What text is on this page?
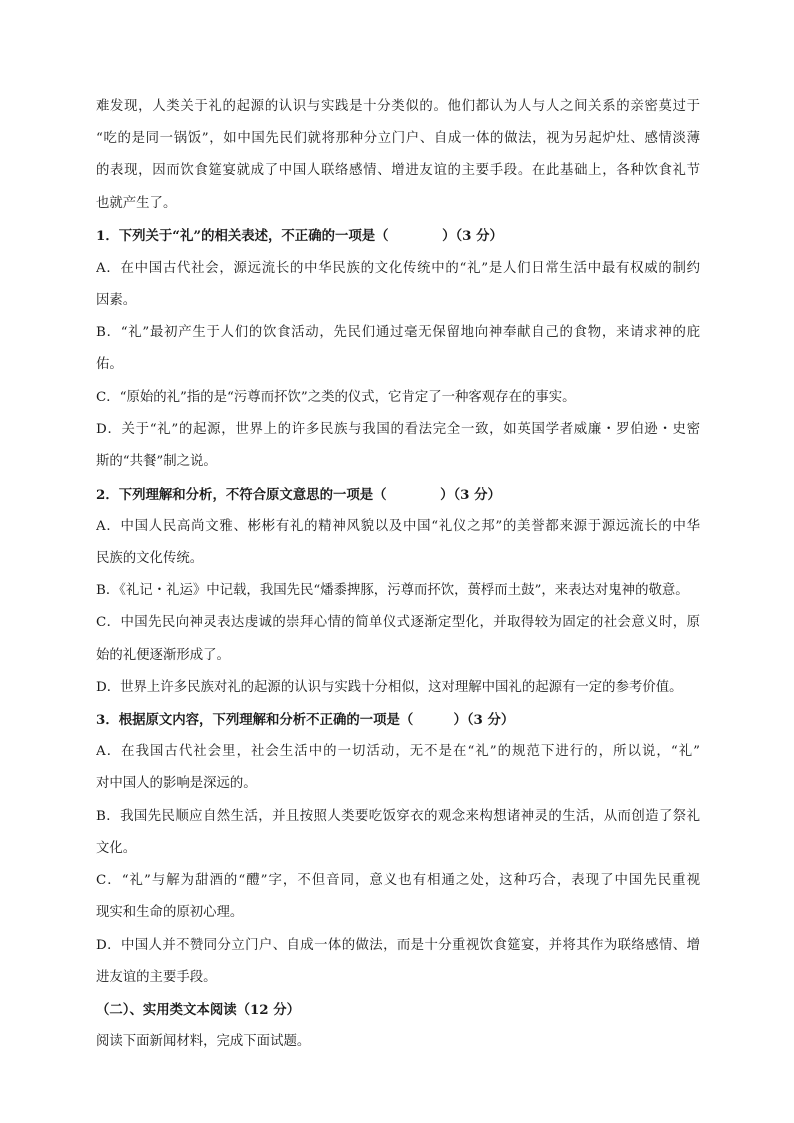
难发现，人类关于礼的起源的认识与实践是十分类似的。他们都认为人与人之间关系的亲密莫过于
“吃的是同一锅饭”，如中国先民们就将那种分立门户、自成一体的做法，视为另起炉灶、感情淡薄
的表现，因而饮食筵宴就成了中国人联络感情、增进友谊的主要手段。在此基础上，各种饮食礼节
也就产生了。
1．下列关于“礼”的相关表述，不正确的一项是（　　　　）（3 分）
A．在中国古代社会，源远流长的中华民族的文化传统中的“礼”是人们日常生活中最有权威的制约
因素。
B．“礼”最初产生于人们的饮食活动，先民们通过毫无保留地向神奉献自己的食物，来请求神的庇
佑。
C．“原始的礼”指的是“污尊而抔饮”之类的仪式，它肯定了一种客观存在的事实。
D．关于“礼”的起源，世界上的许多民族与我国的看法完全一致，如英国学者威廉・罗伯逊・史密
斯的“共餐”制之说。
2．下列理解和分析，不符合原文意思的一项是（　　　　）（3 分）
A．中国人民高尚文雅、彬彬有礼的精神风貌以及中国“礼仪之邦”的美誉都来源于源远流长的中华
民族的文化传统。
B．《礼记・礼运》中记载，我国先民“燔黍捭豚，污尊而抔饮，蒉桴而土鼓”，来表达对鬼神的敬意。
C．中国先民向神灵表达虔诚的崇拜心情的简单仪式逐渐定型化，并取得较为固定的社会意义时，原
始的礼便逐渐形成了。
D．世界上许多民族对礼的起源的认识与实践十分相似，这对理解中国礼的起源有一定的参考价值。
3．根据原文内容，下列理解和分析不正确的一项是（　　　）（3 分）
A．在我国古代社会里，社会生活中的一切活动，无不是在“礼”的规范下进行的，所以说，“礼”
对中国人的影响是深远的。
B．我国先民顺应自然生活，并且按照人类要吃饭穿衣的观念来构想诸神灵的生活，从而创造了祭礼
文化。
C．“礼”与解为甜酒的“醴”字，不但音同，意义也有相通之处，这种巧合，表现了中国先民重视
现实和生命的原初心理。
D．中国人并不赞同分立门户、自成一体的做法，而是十分重视饮食筵宴，并将其作为联络感情、增
进友谊的主要手段。
（二）、实用类文本阅读（12 分）
阅读下面新闻材料，完成下面试题。
